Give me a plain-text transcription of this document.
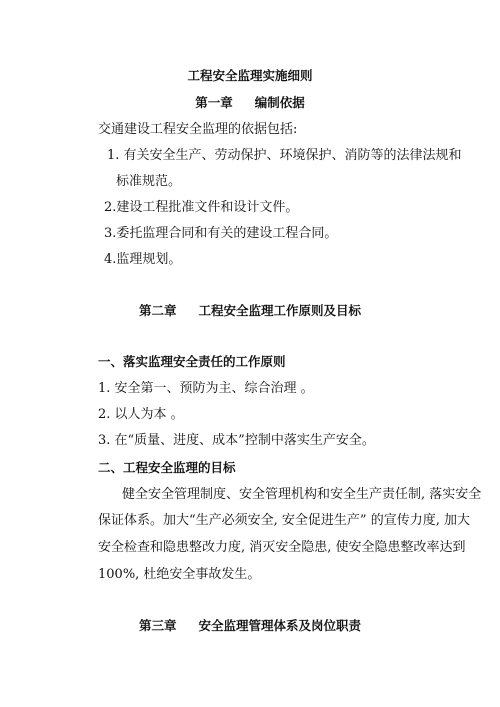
工程安全监理实施细则
第一章 编制依据
交通建设工程安全监理的依据包括:
1. 有关安全生产、劳动保护、环境保护、消防等的法律法规和
标准规范。
2.建设工程批准文件和设计文件。
3.委托监理合同和有关的建设工程合同。
4.监理规划。
第二章 工程安全监理工作原则及目标
一、落实监理安全责任的工作原则
1. 安全第一、预防为主、综合治理 。
2. 以人为本 。
3. 在“质量、进度、成本”控制中落实生产安全。
二、工程安全监理的目标
健全安全管理制度、安全管理机构和安全生产责任制, 落实安全
保证体系。加大“生产必须安全, 安全促进生产” 的宣传力度, 加大
安全检查和隐患整改力度, 消灭安全隐患, 使安全隐患整改率达到
100%, 杜绝安全事故发生。
第三章 安全监理管理体系及岗位职责
